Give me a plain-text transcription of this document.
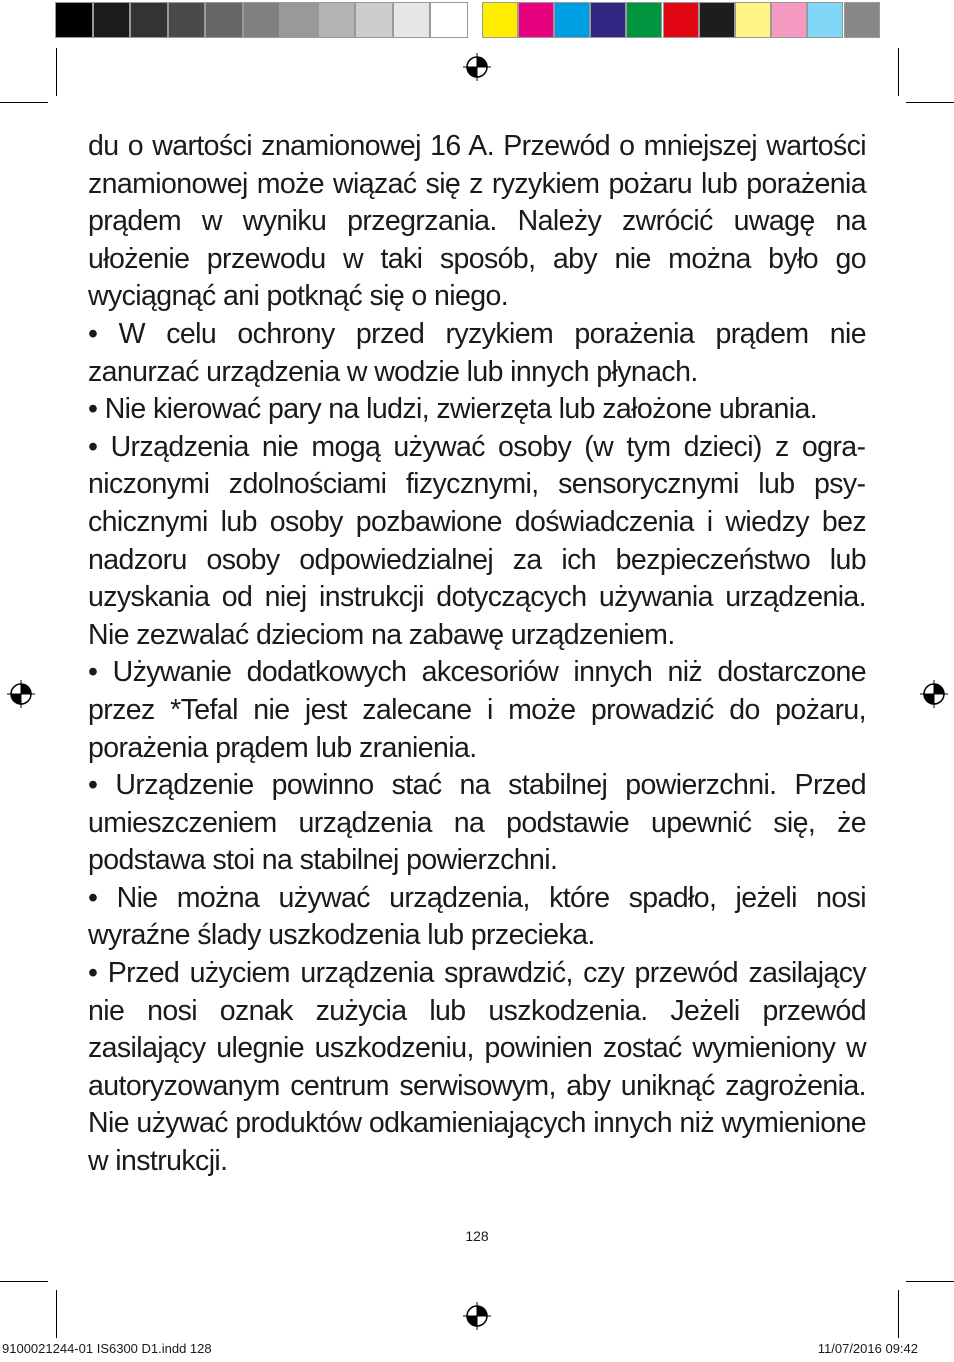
du o wartości znamionowej 16 A. Przewód o mniejszej wartości znamionowej może wiązać się z ryzykiem pożaru lub porażenia prądem w wyniku przegrzania. Należy zwrócić uwagę na ułożenie przewodu w taki sposób, aby nie można było go wyciągnąć ani potknąć się o niego.

• W celu ochrony przed ryzykiem porażenia prądem nie zanurzać urządzenia w wodzie lub innych płynach.

• Nie kierować pary na ludzi, zwierzęta lub założone ubrania.

• Urządzenia nie mogą używać osoby (w tym dzieci) z ograniczonymi zdolnościami fizycznymi, sensorycznymi lub psychicznymi lub osoby pozbawione doświadczenia i wiedzy bez nadzoru osoby odpowiedzialnej za ich bezpieczeństwo lub uzyskania od niej instrukcji dotyczących używania urządzenia. Nie zezwalać dzieciom na zabawę urządzeniem.

• Używanie dodatkowych akcesoriów innych niż dostarczone przez *Tefal nie jest zalecane i może prowadzić do pożaru, porażenia prądem lub zranienia.

• Urządzenie powinno stać na stabilnej powierzchni. Przed umieszczeniem urządzenia na podstawie upewnić się, że podstawa stoi na stabilnej powierzchni.

• Nie można używać urządzenia, które spadło, jeżeli nosi wyraźne ślady uszkodzenia lub przecieka.

• Przed użyciem urządzenia sprawdzić, czy przewód zasilający nie nosi oznak zużycia lub uszkodzenia. Jeżeli przewód zasilający ulegnie uszkodzeniu, powinien zostać wymieniony w autoryzowanym centrum serwisowym, aby uniknąć zagrożenia. Nie używać produktów odkamieniających innych niż wymienione w instrukcji.

128
9100021244-01 IS6300 D1.indd 128	11/07/2016 09:42
